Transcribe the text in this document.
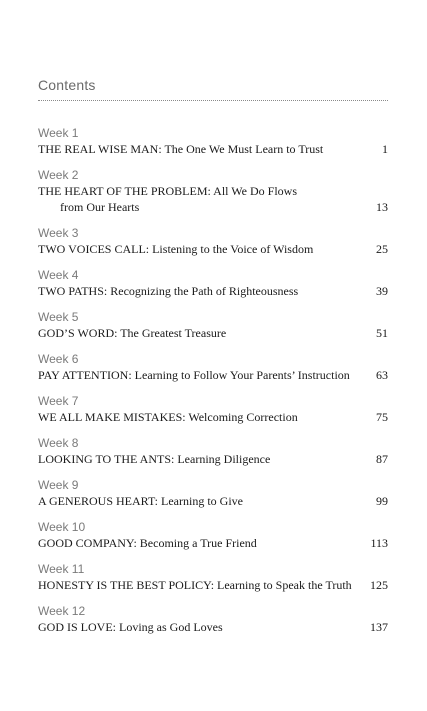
Contents
Week 1
THE REAL WISE MAN: The One We Must Learn to Trust	1
Week 2
THE HEART OF THE PROBLEM: All We Do Flows
from Our Hearts	13
Week 3
TWO VOICES CALL: Listening to the Voice of Wisdom	25
Week 4
TWO PATHS: Recognizing the Path of Righteousness	39
Week 5
GOD’S WORD: The Greatest Treasure	51
Week 6
PAY ATTENTION: Learning to Follow Your Parents’ Instruction 63
Week 7
WE ALL MAKE MISTAKES: Welcoming Correction	75
Week 8
LOOKING TO THE ANTS: Learning Diligence	87
Week 9
A GENEROUS HEART: Learning to Give	99
Week 10
GOOD COMPANY: Becoming a True Friend	113
Week 11
HONESTY IS THE BEST POLICY: Learning to Speak the Truth 125
Week 12
GOD IS LOVE: Loving as God Loves	137
